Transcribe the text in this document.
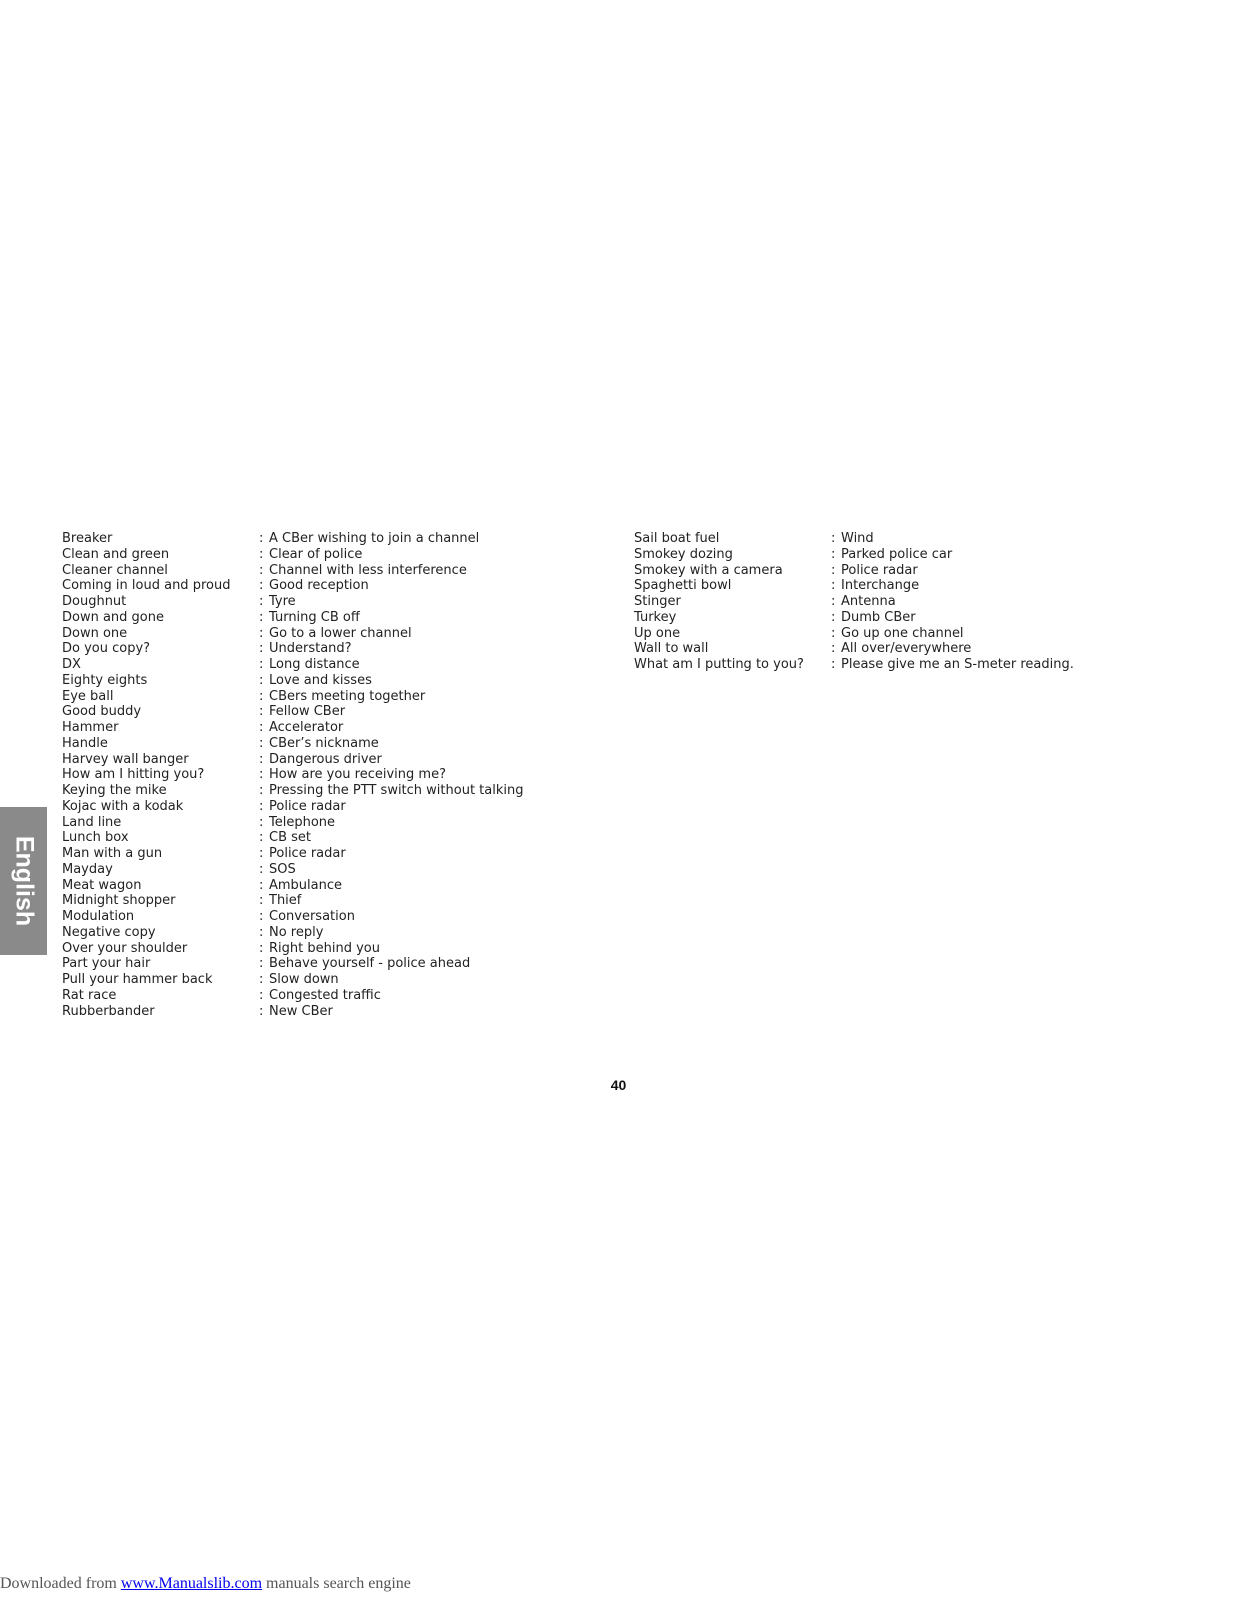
Breaker	: A CBer wishing to join a channel
Clean and green	: Clear of police
Cleaner channel	: Channel with less interference
Coming in loud and proud	: Good reception
Doughnut	: Tyre
Down and gone	: Turning CB off
Down one	: Go to a lower channel
Do you copy?	: Understand?
DX	: Long distance
Eighty eights	: Love and kisses
Eye ball	: CBers meeting together
Good buddy	: Fellow CBer
Hammer	: Accelerator
Handle	: CBer’s nickname
Harvey wall banger	: Dangerous driver
How am I hitting you?	: How are you receiving me?
Keying the mike	: Pressing the PTT switch without talking
Kojac with a kodak	: Police radar
Land line	: Telephone
Lunch box	: CB set
Man with a gun	: Police radar
Mayday	: SOS
Meat wagon	: Ambulance
Midnight shopper	: Thief
Modulation	: Conversation
Negative copy	: No reply
Over your shoulder	: Right behind you
Part your hair	: Behave yourself - police ahead
Pull your hammer back	: Slow down
Rat race	: Congested traffic
Rubberbander	: New CBer
Sail boat fuel	: Wind
Smokey dozing	: Parked police car
Smokey with a camera	: Police radar
Spaghetti bowl	: Interchange
Stinger	: Antenna
Turkey	: Dumb CBer
Up one	: Go up one channel
Wall to wall	: All over/everywhere
What am I putting to you?	: Please give me an S-meter reading.
English
40
Downloaded from www.Manualslib.com manuals search engine
